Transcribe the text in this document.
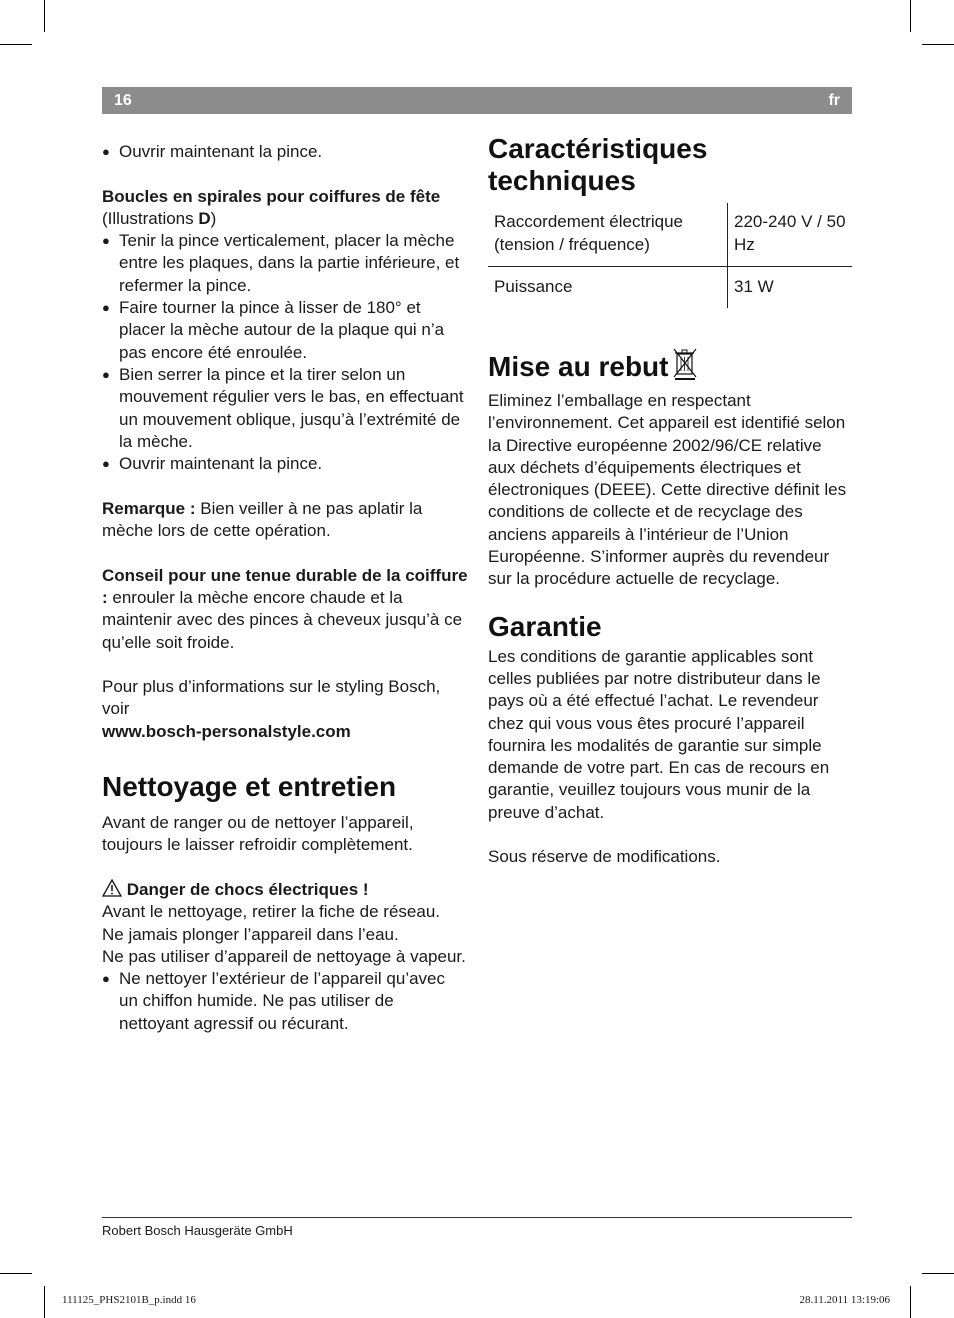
16	fr
● Ouvrir maintenant la pince.

Boucles en spirales pour coiffures de fête

(Illustrations D)

● Tenir la pince verticalement, placer la mèche entre les plaques, dans la partie inférieure, et refermer la pince.
● Faire tourner la pince à lisser de 180° et placer la mèche autour de la plaque qui n’a pas encore été enroulée.
● Bien serrer la pince et la tirer selon un mouvement régulier vers le bas, en effectuant un mouvement oblique, jusqu’à l’extrémité de la mèche.
● Ouvrir maintenant la pince.

Remarque : Bien veiller à ne pas aplatir la mèche lors de cette opération.

Conseil pour une tenue durable de la coiffure : enrouler la mèche encore chaude et la maintenir avec des pinces à cheveux jusqu’à ce qu’elle soit froide.

Pour plus d’informations sur le styling Bosch, voir

www.bosch-personalstyle.com

Nettoyage et entretien

Avant de ranger ou de nettoyer l’appareil, toujours le laisser refroidir complètement.

Danger de chocs électriques !

Avant le nettoyage, retirer la fiche de réseau.

Ne jamais plonger l’appareil dans l’eau.

Ne pas utiliser d’appareil de nettoyage à vapeur.

● Ne nettoyer l’extérieur de l’appareil qu’avec un chiffon humide. Ne pas utiliser de nettoyant agressif ou récurant.
Caractéristiques techniques
Raccordement électrique (tension / fréquence)	220-240 V / 50 Hz
Puissance	31 W
Mise au rebut

Eliminez l’emballage en respectant l’environnement. Cet appareil est identifié selon la Directive européenne 2002/96/CE relative aux déchets d’équipements électriques et électroniques (DEEE). Cette directive définit les conditions de collecte et de recyclage des anciens appareils à l’intérieur de l’Union Européenne. S’informer auprès du revendeur sur la procédure actuelle de recyclage.

Garantie

Les conditions de garantie applicables sont celles publiées par notre distributeur dans le pays où a été effectué l’achat. Le revendeur chez qui vous vous êtes procuré l’appareil fournira les modalités de garantie sur simple demande de votre part. En cas de recours en garantie, veuillez toujours vous munir de la preuve d’achat.

Sous réserve de modifications.

Robert Bosch Hausgeräte GmbH
111125_PHS2101B_p.indd 16	28.11.2011 13:19:06
